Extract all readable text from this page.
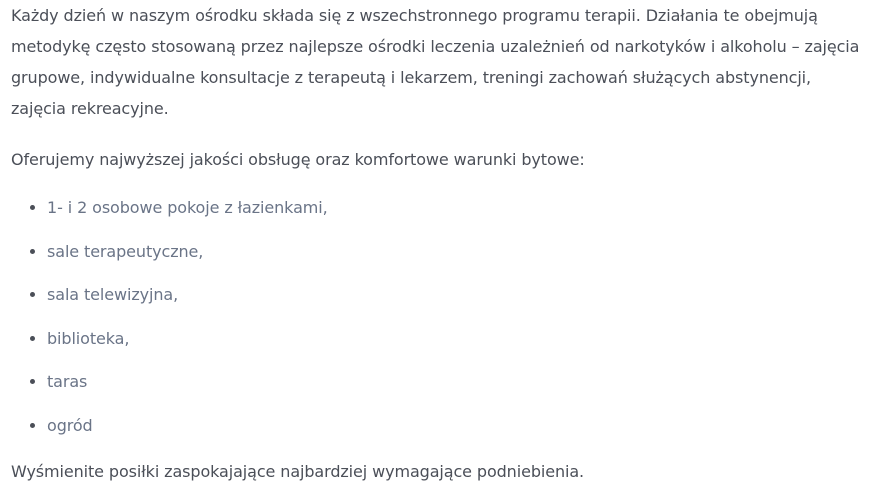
Każdy dzień w naszym ośrodku składa się z wszechstronnego programu terapii. Działania te obejmują metodykę często stosowaną przez najlepsze ośrodki leczenia uzależnień od narkotyków i alkoholu – zajęcia grupowe, indywidualne konsultacje z terapeutą i lekarzem, treningi zachowań służących abstynencji, zajęcia rekreacyjne.

Oferujemy najwyższej jakości obsługę oraz komfortowe warunki bytowe:

1- i 2 osobowe pokoje z łazienkami,
sale terapeutyczne,
sala telewizyjna,
biblioteka,
taras
ogród

Wyśmienite posiłki zaspokajające najbardziej wymagające podniebienia.
